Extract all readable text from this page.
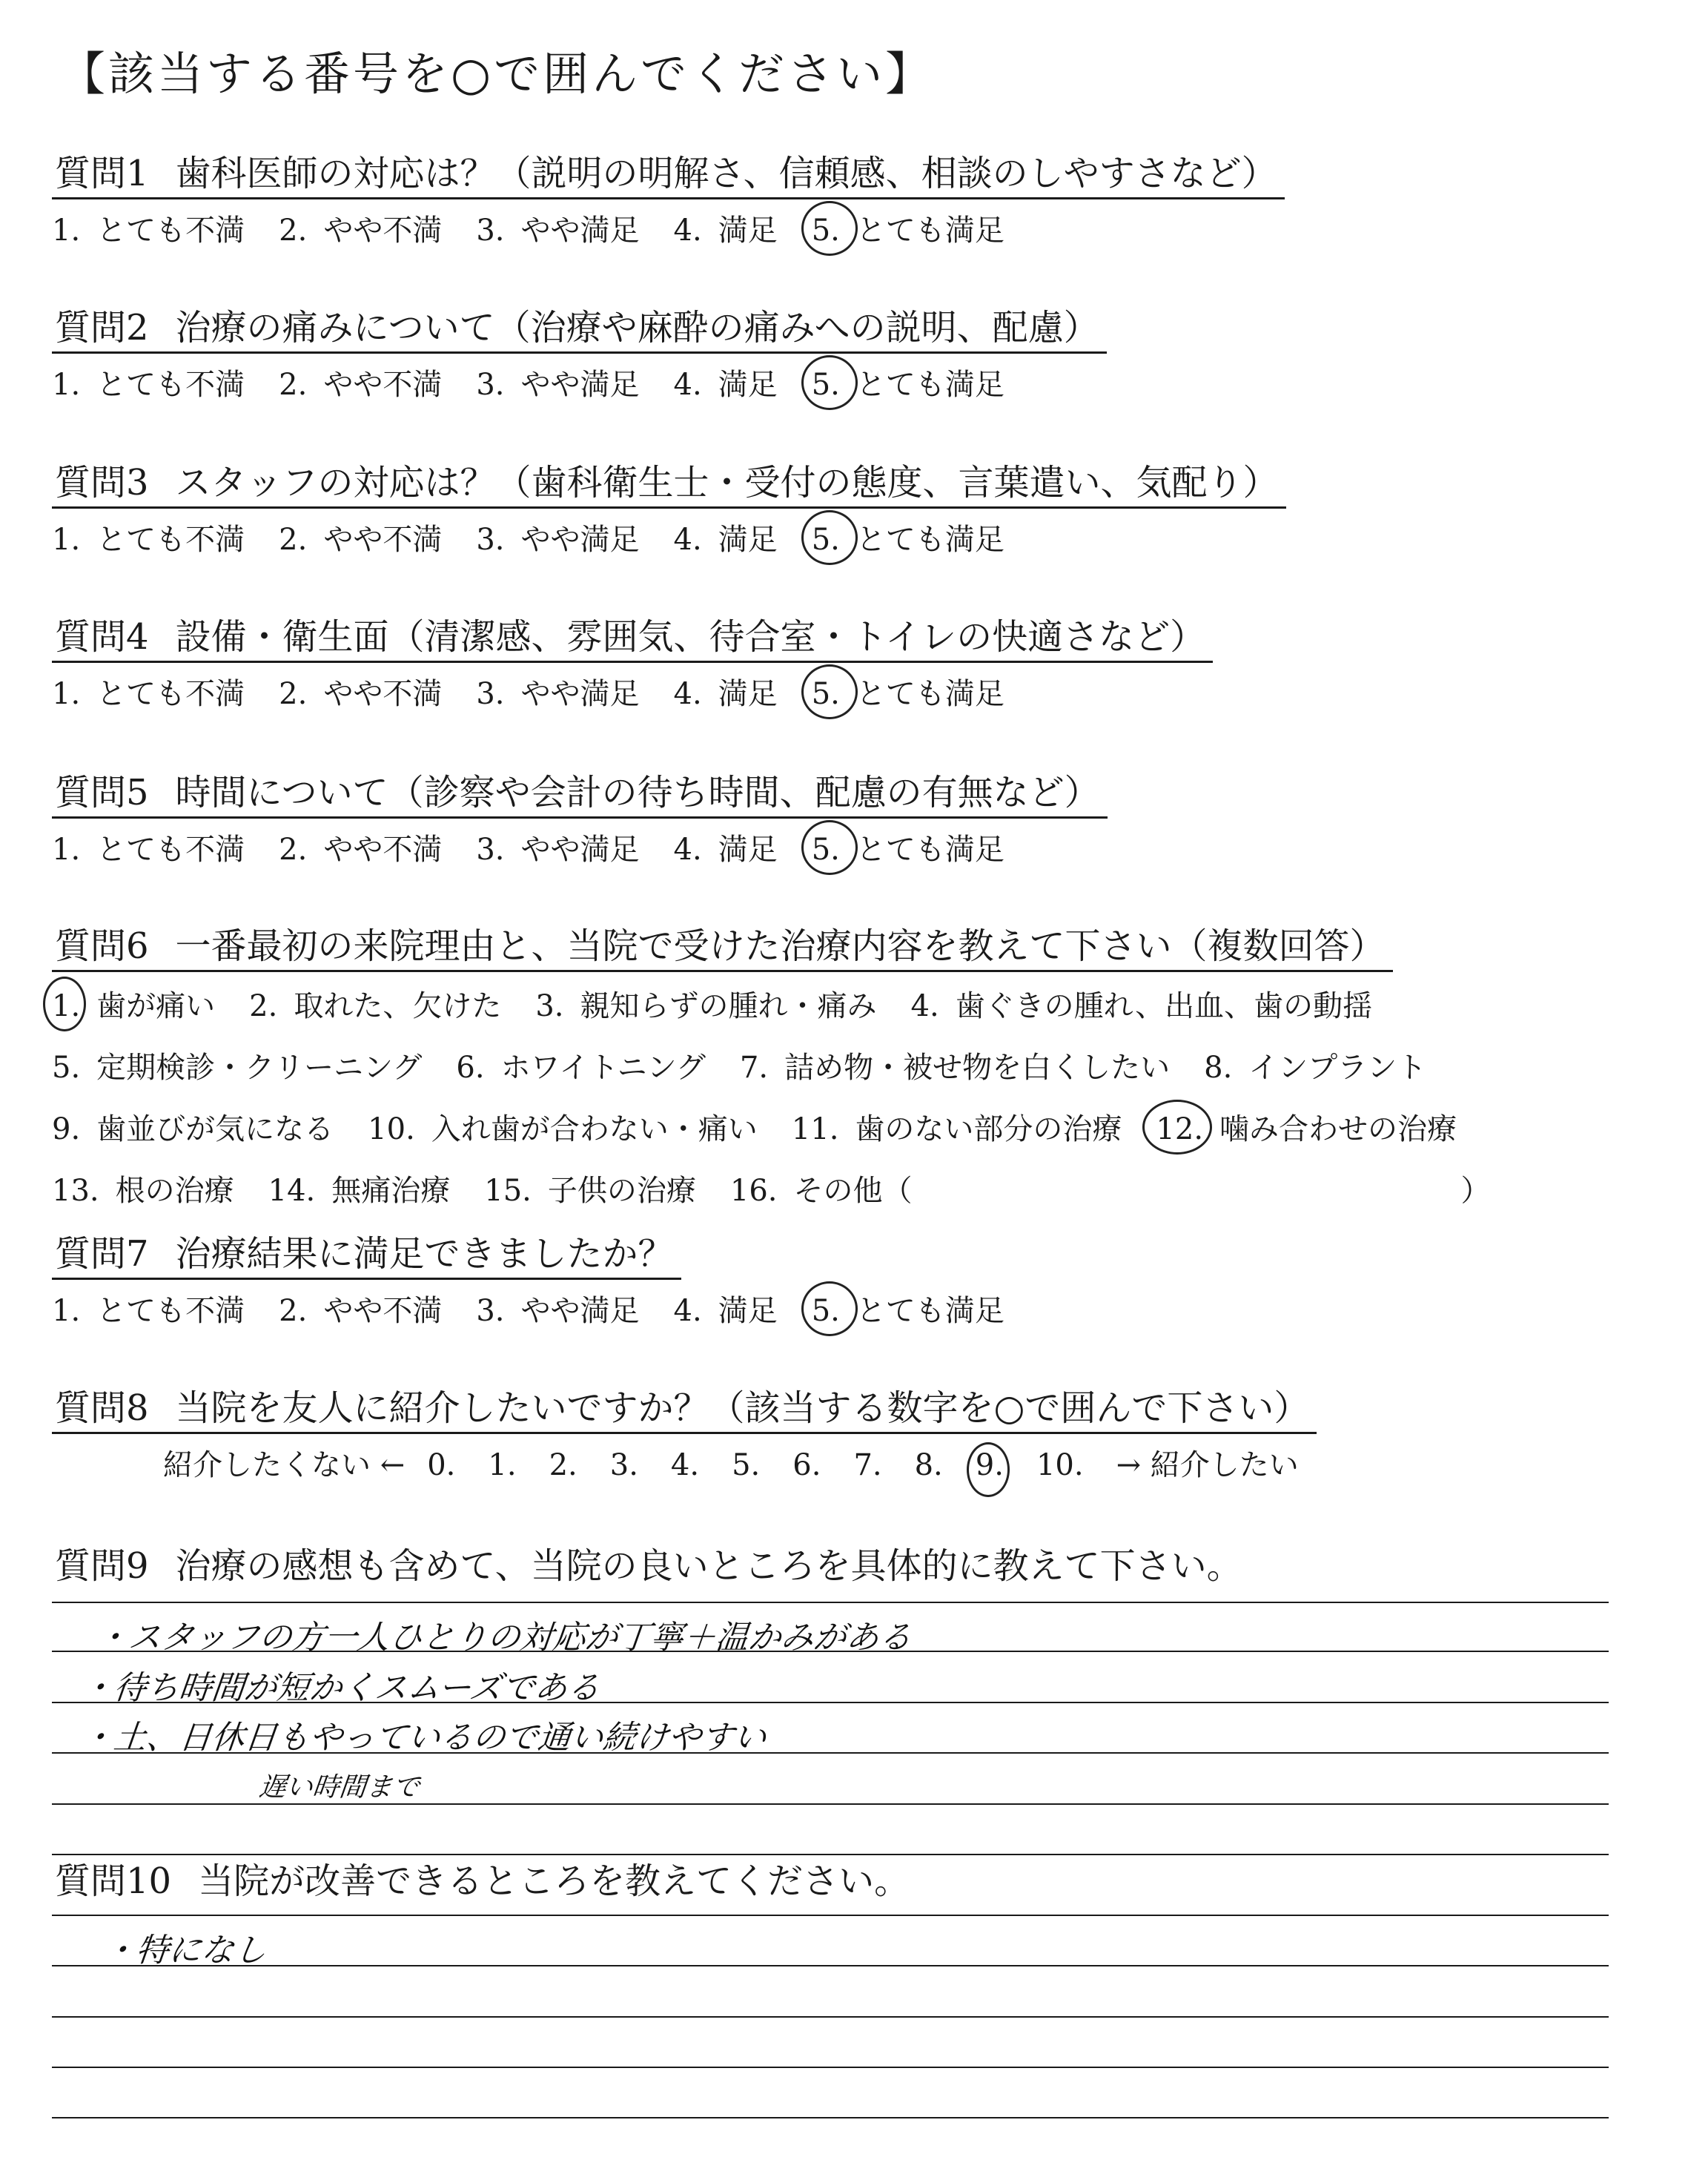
【該当する番号を○で囲んでください】
質問1 歯科医師の対応は？（説明の明解さ、信頼感、相談のしやすさなど）
1. とても不満 2. やや不満 3. やや満足 4. 満足 5. とても満足
質問2 治療の痛みについて（治療や麻酔の痛みへの説明、配慮）
1. とても不満 2. やや不満 3. やや満足 4. 満足 5. とても満足
質問3 スタッフの対応は？（歯科衛生士・受付の態度、言葉遣い、気配り）
1. とても不満 2. やや不満 3. やや満足 4. 満足 5. とても満足
質問4 設備・衛生面（清潔感、雰囲気、待合室・トイレの快適さなど）
1. とても不満 2. やや不満 3. やや満足 4. 満足 5. とても満足
質問5 時間について（診察や会計の待ち時間、配慮の有無など）
1. とても不満 2. やや不満 3. やや満足 4. 満足 5. とても満足
質問6 一番最初の来院理由と、当院で受けた治療内容を教えて下さい（複数回答）
1. 歯が痛い 2. 取れた、欠けた 3. 親知らずの腫れ・痛み 4. 歯ぐきの腫れ、出血、歯の動揺
5. 定期検診・クリーニング 6. ホワイトニング 7. 詰め物・被せ物を白くしたい 8. インプラント
9. 歯並びが気になる 10. 入れ歯が合わない・痛い 11. 歯のない部分の治療 12. 噛み合わせの治療
13. 根の治療 14. 無痛治療 15. 子供の治療 16. その他（	）
質問7 治療結果に満足できましたか？
1. とても不満 2. やや不満 3. やや満足 4. 満足 5. とても満足
質問8 当院を友人に紹介したいですか？（該当する数字を○で囲んで下さい）
紹介したくない ← 0. 1. 2. 3. 4. 5. 6. 7. 8. 9. 10. → 紹介したい
質問9 治療の感想も含めて、当院の良いところを具体的に教えて下さい。
・スタッフの方一人ひとりの対応が丁寧＋温かみがある
・待ち時間が短かくスムーズである
・土、日休日もやっているので通い続けやすい
遅い時間まで
質問10 当院が改善できるところを教えてください。
・特になし
